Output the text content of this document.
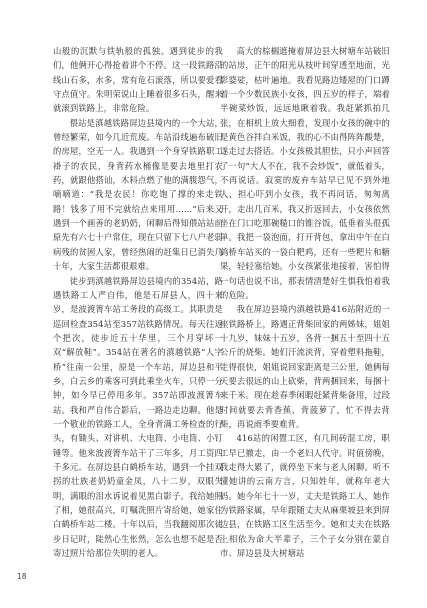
山般的沉默与铁轨般的孤独。遇到徒步的我们，他俩开心得抢着讲个不停。这一段铁路沿线山石多，水多，常有危石滚落，所以要爱看守点值守。朱明荣说山上睡着很多石头，醒来就滚到铁路上，非常危险。

偎站是滇越铁路屏边县境内的一个大站，曾经繁荣，如今几近荒废。车站沿线遍布破旧的房屋，空无一人。我遇到一个身穿铁路职工褂子的农民，身背药水桶像是要去地里打农药，就跟他搭讪，木料点燃了他的满腹怨气，嘀嘀道：“我是农民！你吃饱了撑的来走铁路！钱多了用不完就给点来用用……”后来又遇到一个画善的老奶奶，闲聊后得知偎站站前原先有六七十户常住，现在只留下七八户老弱病残的贫困人家，曾经热闹的赶集日已消失几十年，大家生活都很艰难。

徒步到滇越铁路屏边县境内的354站，路遇铁路工人严自伟，他是石屏县人，四十来岁，是波渡箐车站工务段的高级工。其职责是巡回检查354站至357站铁路情况。每天往返个把次，徒步近五十华里，三个月穿坏一双“解放鞋”。354站在著名的滇越铁路“人字桥”往南一公里，原是一个车站，屏边县和平乡，白云乡的乘客可到此乘坐火车，只停一分钟，如今早已停用多年。357站即波渡箐车站。我和严自伟合影后，一路边走边聊。他是一个敬业的铁路工人，全身背满工务检查的行头，有锄头、对讲机、大电筒、小电筒、小钉锤等。他来波渡箐车站干了三年多，月工资四千多元。在屏边县白鹤桥车站，遇到一个挂双拐的壮族老奶奶童金凤，八十二岁，双眼失明，满眼的泪水诉说着见黑白影子。我给她照了相，她很高兴，叮嘱洗照片寄给她，她家住白鹤桥车站二楼。十年以后，当我翻阅那次徒步日记时，陡然心生怅然，怎么也想不起是否寄过照片给那位失明的老人。

高大的棕榈遮掩着屏边县大树塘车站破旧的站房，正午的阳光从枝叶间穿透至地面，光影婆娑，枯叶遍地。我看见路边矮屋的门口蹲着一个少数民族小女孩，四五岁的样子，端着半碗菜炒饭，远远地瞅着我。我赶紧抓拍几张，在相机上放大细看，发现小女孩的碗中的是黄色谷拌白米饭，我的心不由得阵阵酸楚，遂走过去搭话。小女孩极其胆怯，只小声回答了一句“大人不在，我不会炒饭”，就低着头，不再说话。寂寞的废弃车站早已见不到外地人，担心吓到小女孩，我不再问话，匆匆离开，走出几百米，我又折返回去，小女孩依然坐在门口吃那碗糙口的锥谷饭，低垂着头很孤单。我把一袋泡面，打开背包，拿出中午在白鹤桥车站买的一袋白粑鸡，还有一些粑片和糖果，轻轻塞给她。小女孩紧张地接着，害怕得一句话也说不出，那表情清楚好生惧我怕着我的危险。

我在屏边县境内滇越铁路416站附近的一座铁路桥上，路遇正背柴回家的两姊妹，姐姐十九岁，妹妹十五岁，各背一捆五十至四十五公斤的烧柴。她们汗流浃背，穿着塑料拖鞋，走得很快，姐姐说回家距离是三公里，她俩每天要去很远的山上砍柴，背两捆回来，每捆十来千米。现在趁春季闲暇赶紧背柴备用，过段时间就要去背香蕉、背菠萝了，忙不得去背柴，再说雨季要难背。

416站的闲置工区，有几间砖混工房，职工早已撤走，由一个老妇人代守。时值傍晚，我走得大累了，就停坐下来与老人闲聊。听不懂她讲的云南方言，只知姓年，就称年老大妈。她今年七十一岁，丈夫是铁路工人，她作为铁路家属，早年跟随丈夫从麻栗坡县来到屏边县，在铁路工区生活至今。她和丈夫在铁路上相依为命大半辈子，三个子女分别在蒙自市、屏边县及大树塘站

18
